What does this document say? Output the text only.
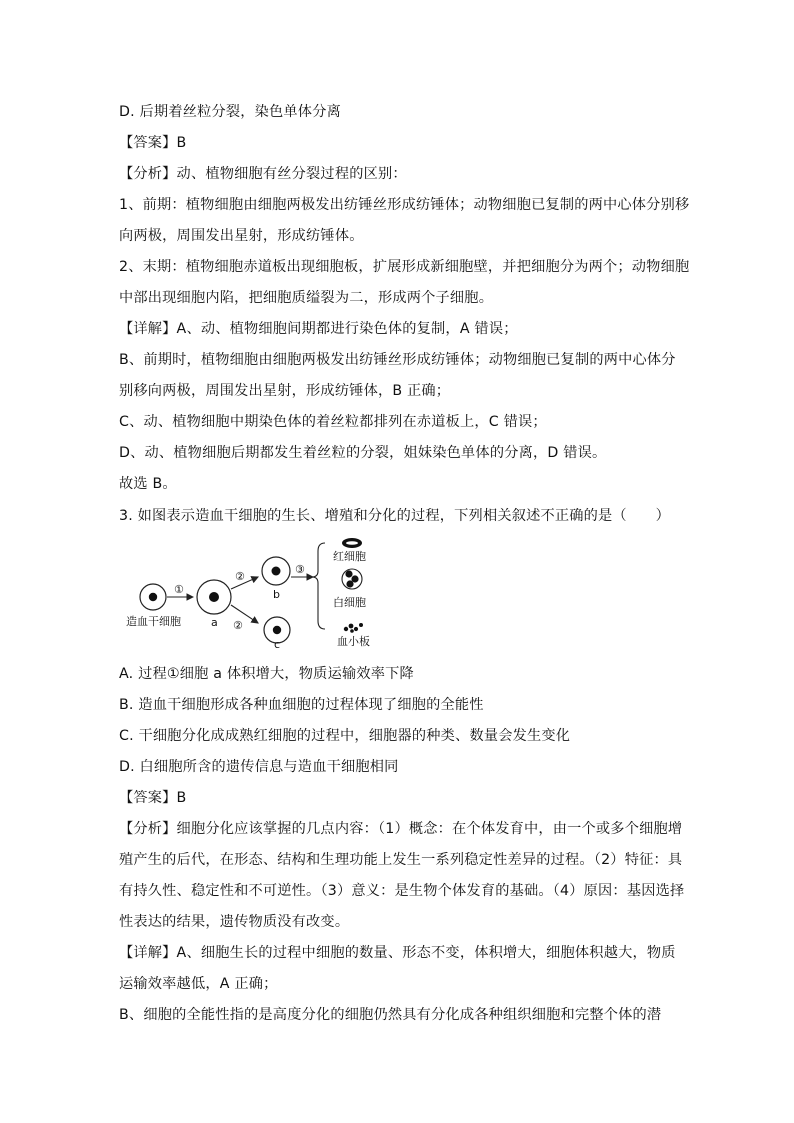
D. 后期着丝粒分裂，染色单体分离
【答案】B
【分析】动、植物细胞有丝分裂过程的区别：
1、前期：植物细胞由细胞两极发出纺锤丝形成纺锤体；动物细胞已复制的两中心体分别移
向两极，周围发出星射，形成纺锤体。
2、末期：植物细胞赤道板出现细胞板，扩展形成新细胞壁，并把细胞分为两个；动物细胞
中部出现细胞内陷，把细胞质缢裂为二，形成两个子细胞。
【详解】A、动、植物细胞间期都进行染色体的复制，A 错误；
B、前期时，植物细胞由细胞两极发出纺锤丝形成纺锤体；动物细胞已复制的两中心体分
别移向两极，周围发出星射，形成纺锤体，B 正确；
C、动、植物细胞中期染色体的着丝粒都排列在赤道板上，C 错误；
D、动、植物细胞后期都发生着丝粒的分裂，姐妹染色单体的分离，D 错误。
故选 B。
3. 如图表示造血干细胞的生长、增殖和分化的过程，下列相关叙述不正确的是（　　）
造血干细胞
①
a
②
b
②
c
③
红细胞
白细胞
血小板
A. 过程①细胞 a 体积增大，物质运输效率下降
B. 造血干细胞形成各种血细胞的过程体现了细胞的全能性
C. 干细胞分化成成熟红细胞的过程中，细胞器的种类、数量会发生变化
D. 白细胞所含的遗传信息与造血干细胞相同
【答案】B
【分析】细胞分化应该掌握的几点内容：（1）概念：在个体发育中，由一个或多个细胞增
殖产生的后代，在形态、结构和生理功能上发生一系列稳定性差异的过程。（2）特征：具
有持久性、稳定性和不可逆性。（3）意义：是生物个体发育的基础。（4）原因：基因选择
性表达的结果，遗传物质没有改变。
【详解】A、细胞生长的过程中细胞的数量、形态不变，体积增大，细胞体积越大，物质
运输效率越低，A 正确；
B、细胞的全能性指的是高度分化的细胞仍然具有分化成各种组织细胞和完整个体的潜
